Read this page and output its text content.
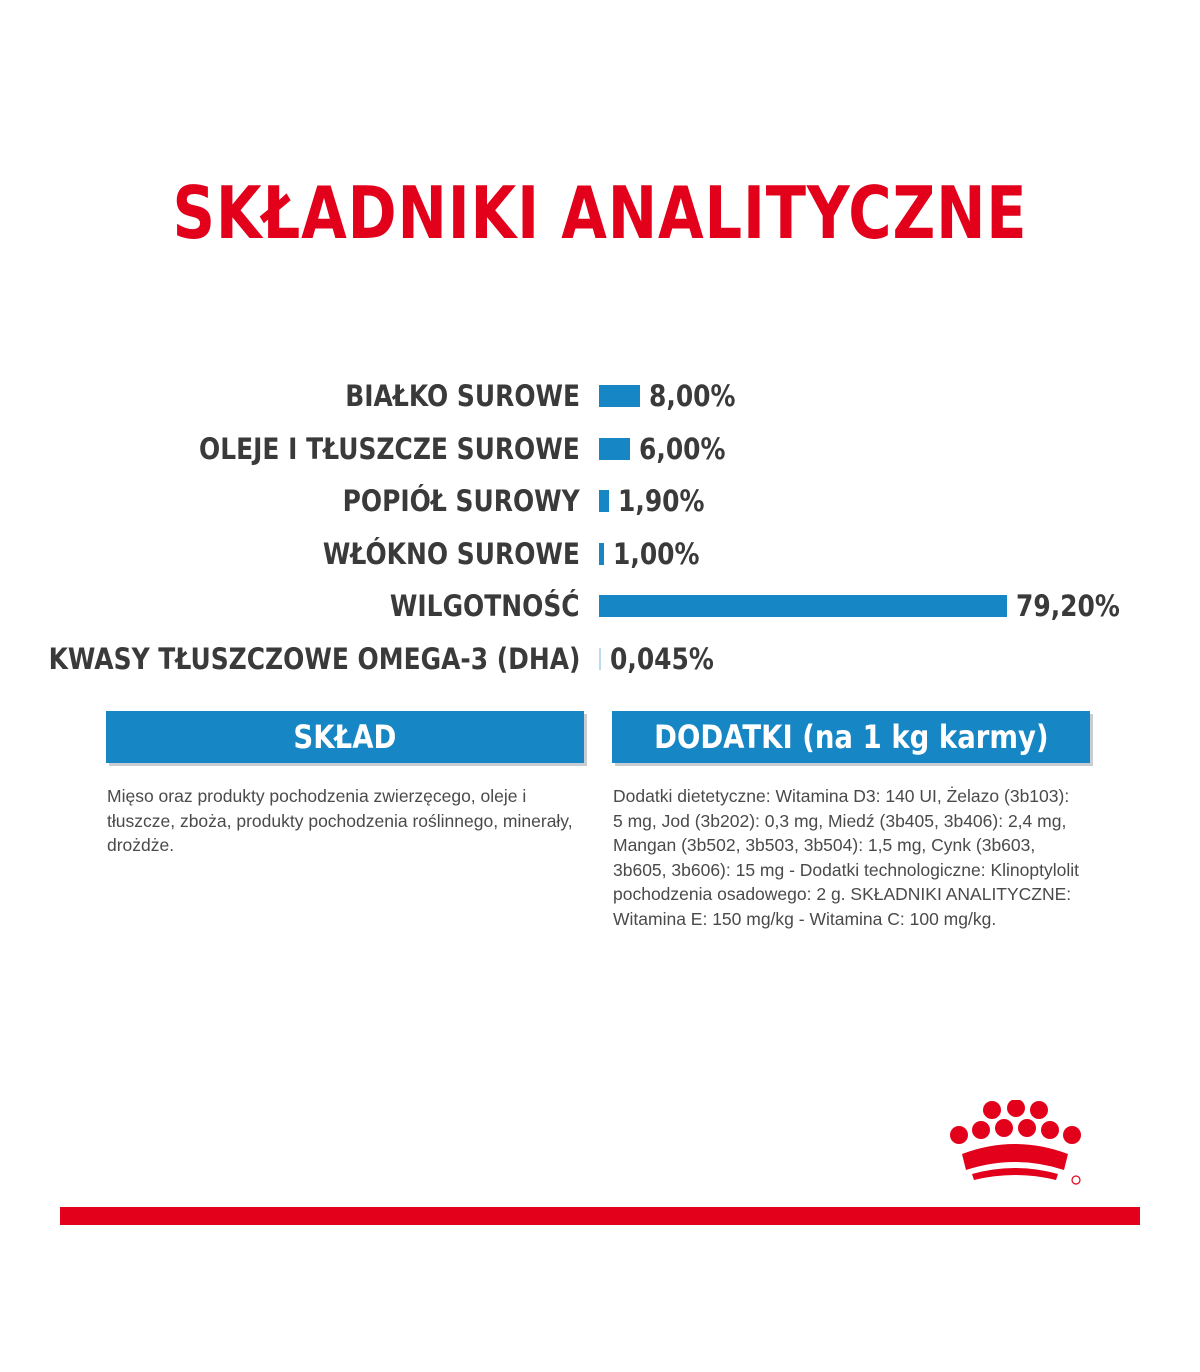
SKŁADNIKI ANALITYCZNE
BIAŁKO SUROWE 8,00%
OLEJE I TŁUSZCZE SUROWE 6,00%
POPIÓŁ SUROWY 1,90%
WŁÓKNO SUROWE 1,00%
WILGOTNOŚĆ	79,20%
KWASY TŁUSZCZOWE OMEGA-3 (DHA) 0,045%
SKŁAD	DODATKI (na 1 kg karmy)
Mięso oraz produkty pochodzenia zwierzęcego, oleje i tłuszcze, zboża, produkty pochodzenia roślinnego, minerały, drożdże.
Dodatki dietetyczne: Witamina D3: 140 UI, Żelazo (3b103): 5 mg, Jod (3b202): 0,3 mg, Miedź (3b405, 3b406): 2,4 mg, Mangan (3b502, 3b503, 3b504): 1,5 mg, Cynk (3b603, 3b605, 3b606): 15 mg - Dodatki technologiczne: Klinoptylolit pochodzenia osadowego: 2 g. SKŁADNIKI ANALITYCZNE: Witamina E: 150 mg/kg - Witamina C: 100 mg/kg.
